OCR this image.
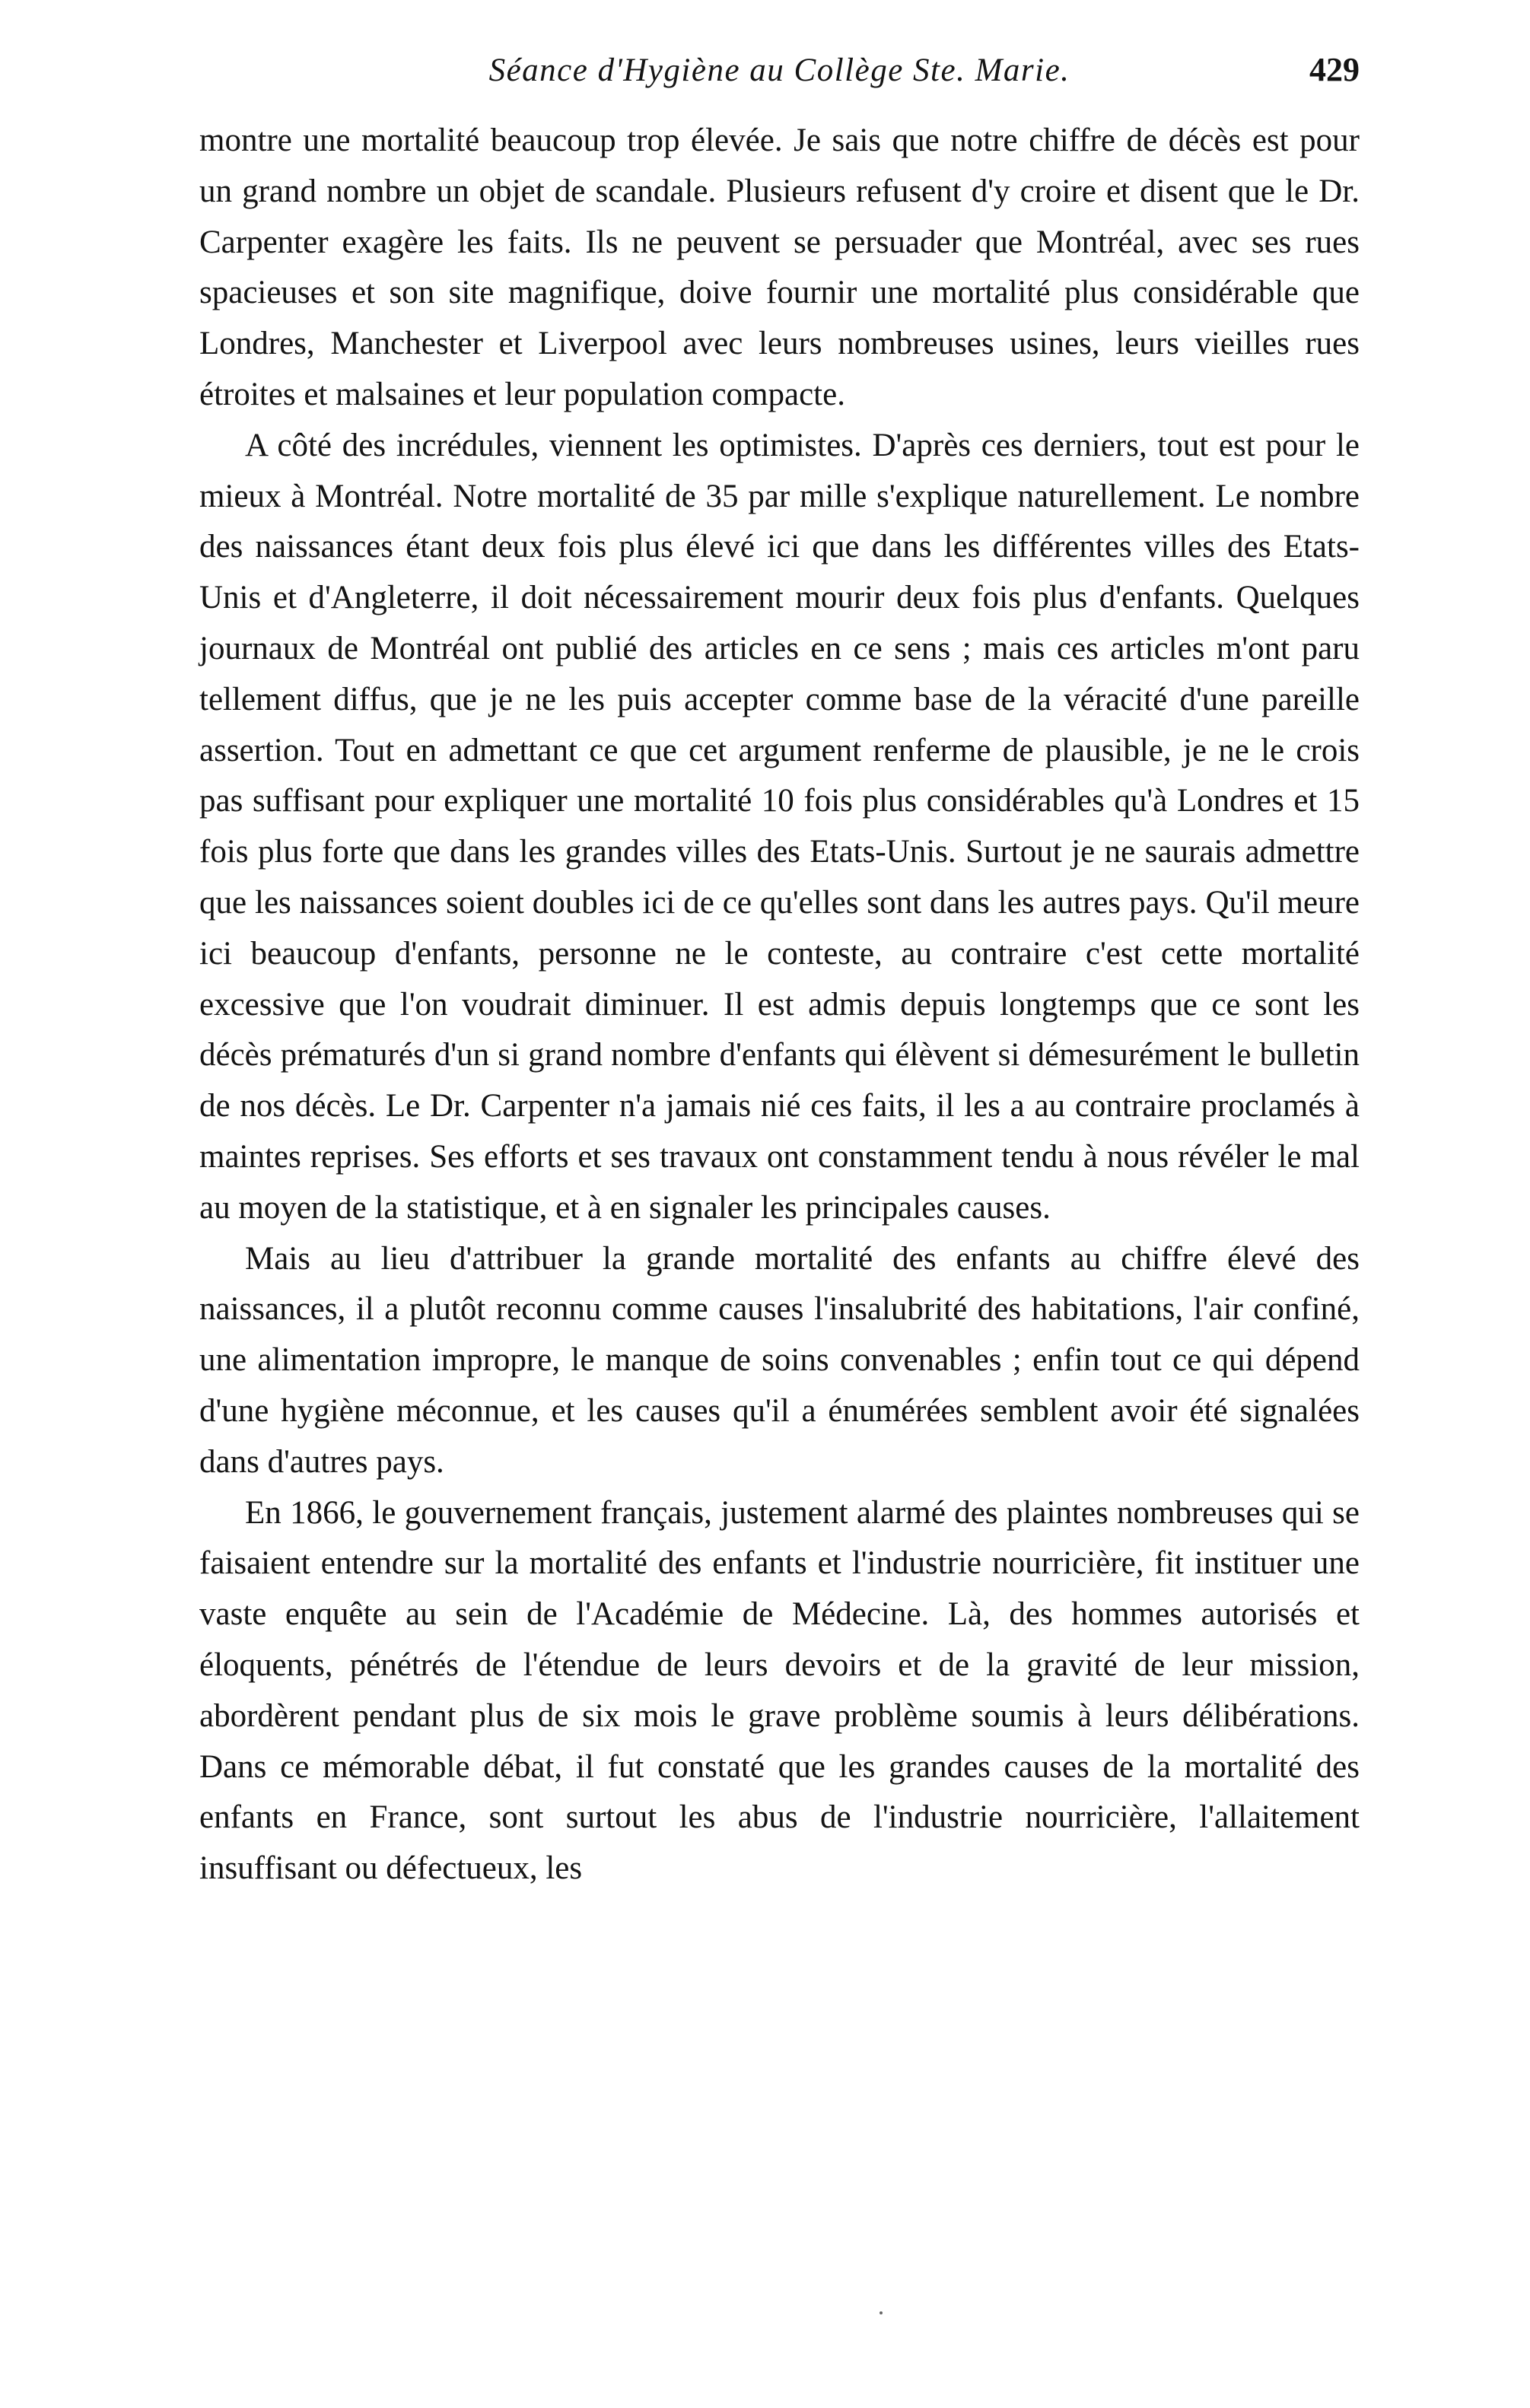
Séance d'Hygiène au Collège Ste. Marie.	429

montre une mortalité beaucoup trop élevée. Je sais que notre chiffre de décès est pour un grand nombre un objet de scandale. Plusieurs refusent d'y croire et disent que le Dr. Carpenter exagère les faits. Ils ne peuvent se persuader que Montréal, avec ses rues spacieuses et son site magnifique, doive fournir une mortalité plus considérable que Londres, Manchester et Liverpool avec leurs nombreuses usines, leurs vieilles rues étroites et malsaines et leur population compacte.

A côté des incrédules, viennent les optimistes. D'après ces derniers, tout est pour le mieux à Montréal. Notre mortalité de 35 par mille s'explique naturellement. Le nombre des naissances étant deux fois plus élevé ici que dans les différentes villes des Etats-Unis et d'Angleterre, il doit nécessairement mourir deux fois plus d'enfants. Quelques journaux de Montréal ont publié des articles en ce sens ; mais ces articles m'ont paru tellement diffus, que je ne les puis accepter comme base de la véracité d'une pareille assertion. Tout en admettant ce que cet argument renferme de plausible, je ne le crois pas suffisant pour expliquer une mortalité 10 fois plus considérables qu'à Londres et 15 fois plus forte que dans les grandes villes des Etats-Unis. Surtout je ne saurais admettre que les naissances soient doubles ici de ce qu'elles sont dans les autres pays. Qu'il meure ici beaucoup d'enfants, personne ne le conteste, au contraire c'est cette mortalité excessive que l'on voudrait diminuer. Il est admis depuis longtemps que ce sont les décès prématurés d'un si grand nombre d'enfants qui élèvent si démesurément le bulletin de nos décès. Le Dr. Carpenter n'a jamais nié ces faits, il les a au contraire proclamés à maintes reprises. Ses efforts et ses travaux ont constamment tendu à nous révéler le mal au moyen de la statistique, et à en signaler les principales causes.

Mais au lieu d'attribuer la grande mortalité des enfants au chiffre élevé des naissances, il a plutôt reconnu comme causes l'insalubrité des habitations, l'air confiné, une alimentation impropre, le manque de soins convenables ; enfin tout ce qui dépend d'une hygiène méconnue, et les causes qu'il a énumérées semblent avoir été signalées dans d'autres pays.

En 1866, le gouvernement français, justement alarmé des plaintes nombreuses qui se faisaient entendre sur la mortalité des enfants et l'industrie nourricière, fit instituer une vaste enquête au sein de l'Académie de Médecine. Là, des hommes autorisés et éloquents, pénétrés de l'étendue de leurs devoirs et de la gravité de leur mission, abordèrent pendant plus de six mois le grave problème soumis à leurs délibérations. Dans ce mémorable débat, il fut constaté que les grandes causes de la mortalité des enfants en France, sont surtout les abus de l'industrie nourricière, l'allaitement insuffisant ou défectueux, les
